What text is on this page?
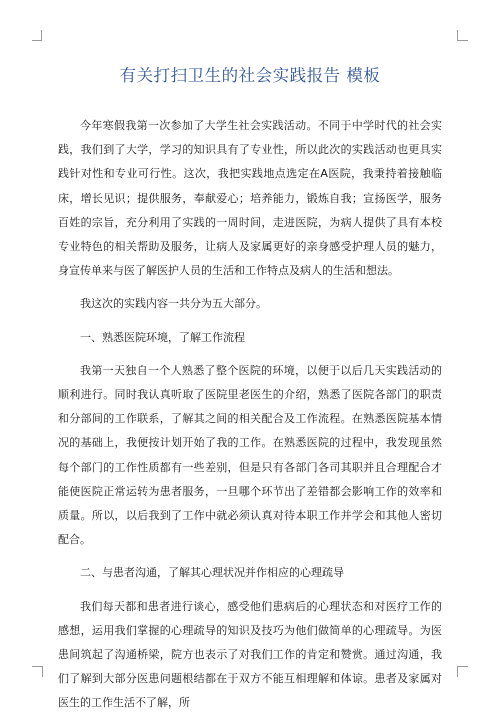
有关打扫卫生的社会实践报告 模板

今年寒假我第一次参加了大学生社会实践活动。不同于中学时代的社会实践，我们到了大学，学习的知识具有了专业性，所以此次的实践活动也更具实践针对性和专业可行性。这次，我把实践地点选定在A医院，我秉持着接触临床，增长见识；提供服务，奉献爱心；培养能力，锻炼自我；宣扬医学，服务百姓的宗旨，充分利用了实践的一周时间，走进医院，为病人提供了具有本校专业特色的相关帮助及服务，让病人及家属更好的亲身感受护理人员的魅力，身宣传单来与医了解医护人员的生活和工作特点及病人的生活和想法。

我这次的实践内容一共分为五大部分。

一、熟悉医院环境，了解工作流程

我第一天独自一个人熟悉了整个医院的环境，以便于以后几天实践活动的顺利进行。同时我认真听取了医院里老医生的介绍，熟悉了医院各部门的职责和分部间的工作联系，了解其之间的相关配合及工作流程。在熟悉医院基本情况的基础上，我便按计划开始了我的工作。在熟悉医院的过程中，我发现虽然每个部门的工作性质都有一些差别，但是只有各部门各司其职并且合理配合才能使医院正常运转为患者服务，一旦哪个环节出了差错都会影响工作的效率和质量。所以，以后我到了工作中就必须认真对待本职工作并学会和其他人密切配合。

二、与患者沟通，了解其心理状况并作相应的心理疏导

我们每天都和患者进行谈心，感受他们患病后的心理状态和对医疗工作的感想，运用我们掌握的心理疏导的知识及技巧为他们做简单的心理疏导。为医患间筑起了沟通桥梁，院方也表示了对我们工作的肯定和赞赏。通过沟通，我们了解到大部分医患问题根结都在于双方不能互相理解和体谅。患者及家属对医生的工作生活不了解，所
